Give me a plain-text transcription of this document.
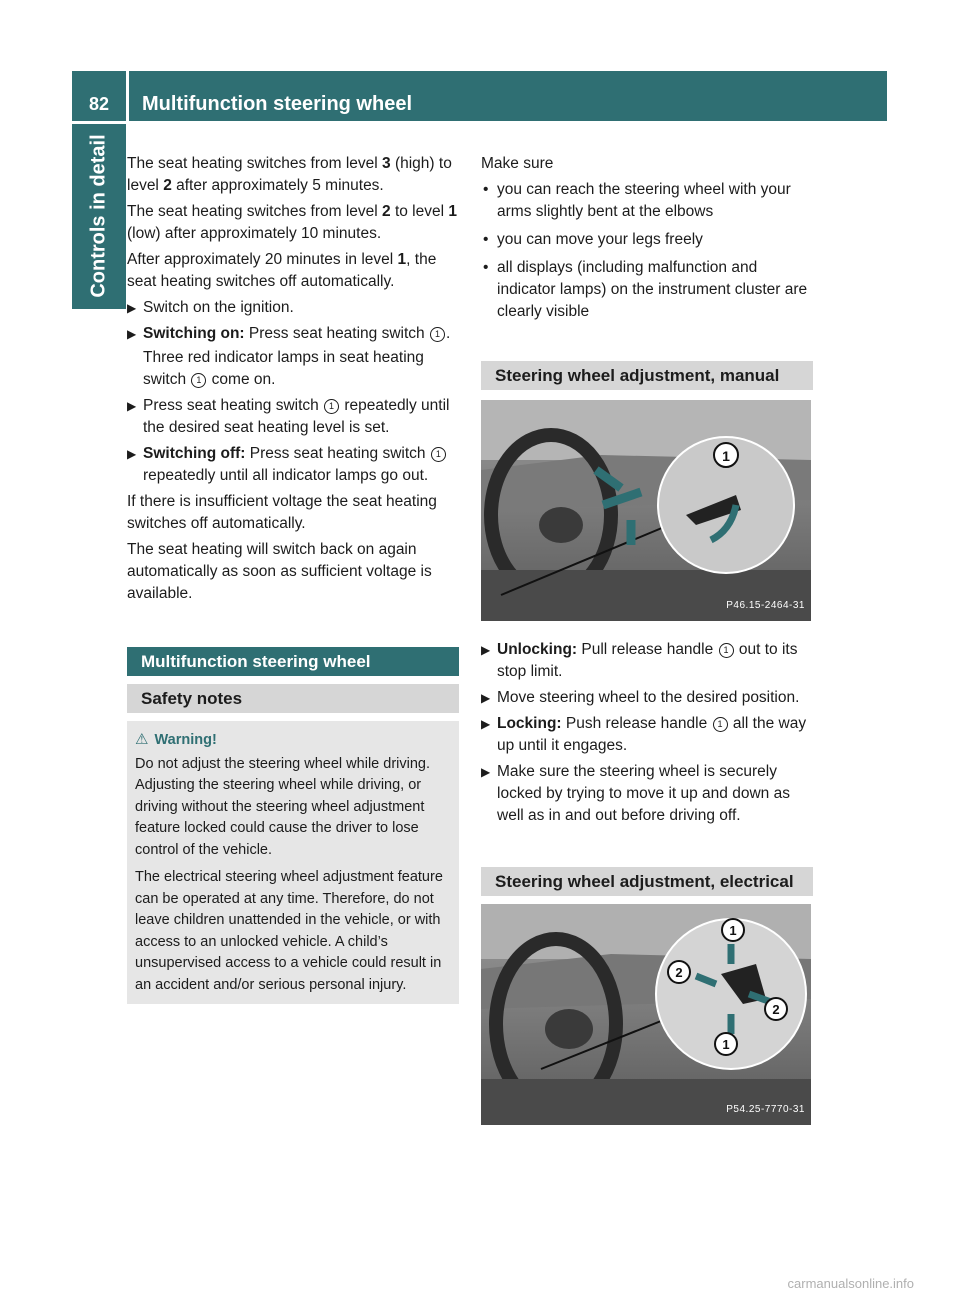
82	Multifunction steering wheel
Controls in detail The seat heating switches from level 3 (high) to level 2 after approximately 5 minutes.

The seat heating switches from level 2 to level 1 (low) after approximately 10 minutes.

After approximately 20 minutes in level 1, the seat heating switches off automatically.

▶ Switch on the ignition.
▶ Switching on: Press seat heating switch 1 .
Three red indicator lamps in seat heating switch 1 come on.
▶ Press seat heating switch 1 repeatedly until the desired seat heating level is set.
▶ Switching off: Press seat heating switch 1 repeatedly until all indicator lamps go out.

If there is insufficient voltage the seat heating switches off automatically.

The seat heating will switch back on again automatically as soon as sufficient voltage is available.

Multifunction steering wheel
Safety notes
⚠ Warning!

Do not adjust the steering wheel while driving. Adjusting the steering wheel while driving, or driving without the steering wheel adjustment feature locked could cause the driver to lose control of the vehicle.

The electrical steering wheel adjustment feature can be operated at any time. Therefore, do not leave children unattended in the vehicle, or with access to an unlocked vehicle. A child’s unsupervised access to a vehicle could result in an accident and/or serious personal injury.

Make sure

• you can reach the steering wheel with your arms slightly bent at the elbows
• you can move your legs freely
• all displays (including malfunction and indicator lamps) on the instrument cluster are clearly visible
Steering wheel adjustment, manual
1
P46.15-2464-31
▶ Unlocking: Pull release handle 1 out to its stop limit.
▶ Move steering wheel to the desired position.
▶ Locking: Push release handle 1 all the way up until it engages.
▶ Make sure the steering wheel is securely locked by trying to move it up and down as well as in and out before driving off.
Steering wheel adjustment, electrical
1
2
2
1
P54.25-7770-31
carmanualsonline.info
